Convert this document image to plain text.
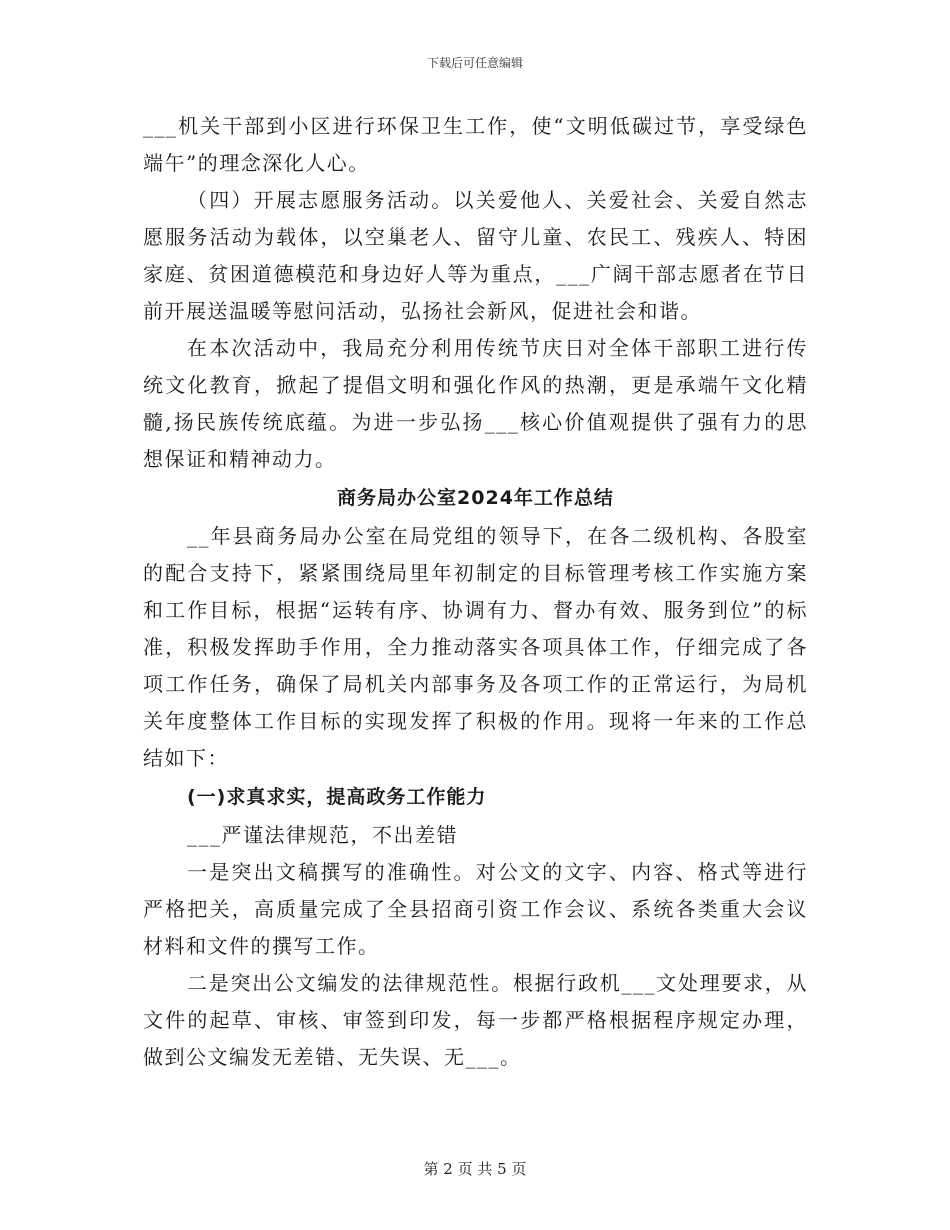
下载后可任意编辑

___机关干部到小区进行环保卫生工作，使“文明低碳过节，享受绿色端午”的理念深化人心。

（四）开展志愿服务活动。以关爱他人、关爱社会、关爱自然志愿服务活动为载体，以空巢老人、留守儿童、农民工、残疾人、特困家庭、贫困道德模范和身边好人等为重点，___广阔干部志愿者在节日前开展送温暖等慰问活动，弘扬社会新风，促进社会和谐。

在本次活动中，我局充分利用传统节庆日对全体干部职工进行传统文化教育，掀起了提倡文明和强化作风的热潮，更是承端午文化精髓,扬民族传统底蕴。为进一步弘扬___核心价值观提供了强有力的思想保证和精神动力。

商务局办公室2024年工作总结

__年县商务局办公室在局党组的领导下，在各二级机构、各股室的配合支持下，紧紧围绕局里年初制定的目标管理考核工作实施方案和工作目标，根据“运转有序、协调有力、督办有效、服务到位”的标准，积极发挥助手作用，全力推动落实各项具体工作，仔细完成了各项工作任务，确保了局机关内部事务及各项工作的正常运行，为局机关年度整体工作目标的实现发挥了积极的作用。现将一年来的工作总结如下：

(一)求真求实，提高政务工作能力

___严谨法律规范，不出差错

一是突出文稿撰写的准确性。对公文的文字、内容、格式等进行严格把关，高质量完成了全县招商引资工作会议、系统各类重大会议材料和文件的撰写工作。

二是突出公文编发的法律规范性。根据行政机___文处理要求，从文件的起草、审核、审签到印发，每一步都严格根据程序规定办理，做到公文编发无差错、无失误、无___。

第 2 页 共 5 页
